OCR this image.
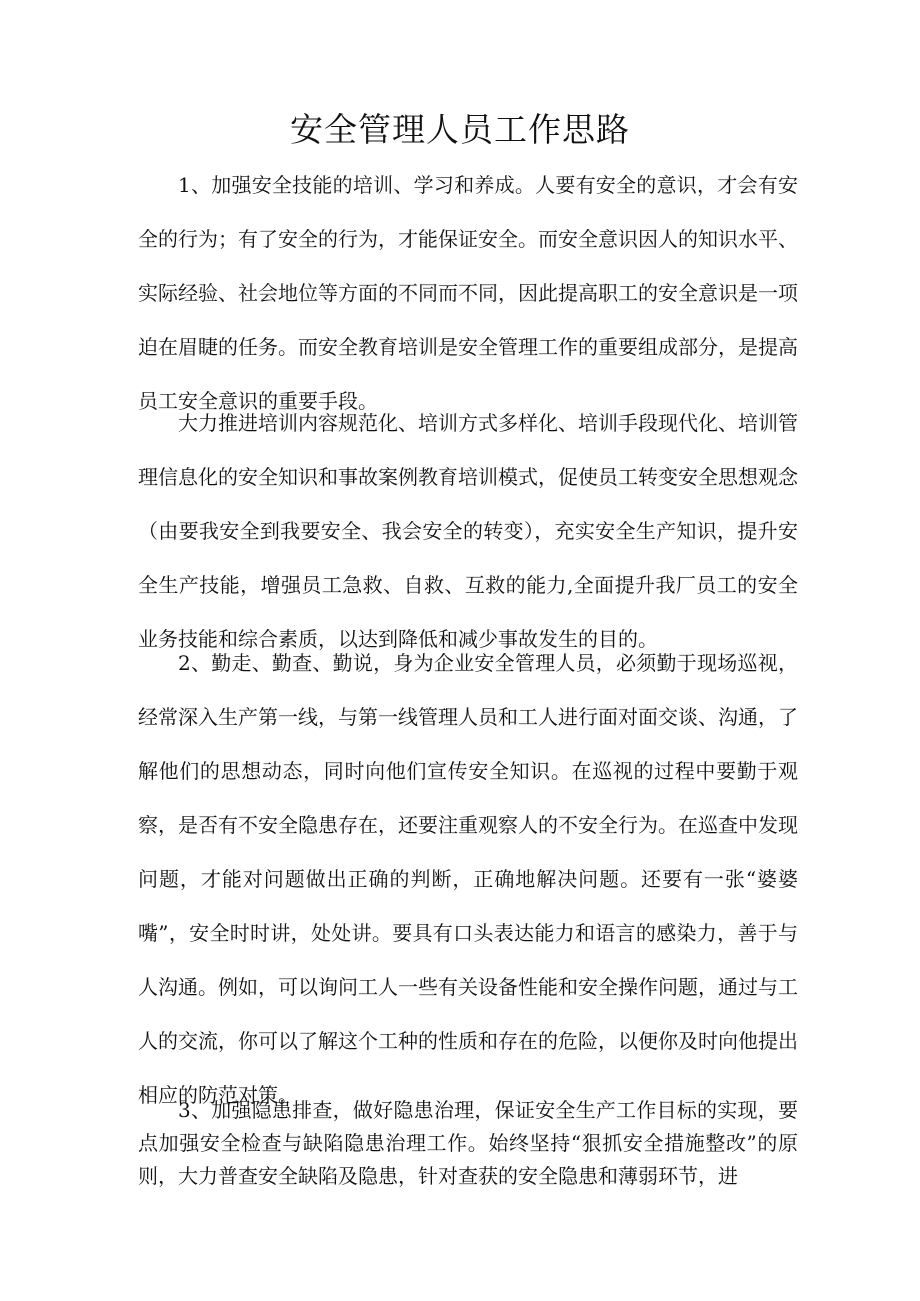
安全管理人员工作思路

1、加强安全技能的培训、学习和养成。人要有安全的意识，才会有安全的行为；有了安全的行为，才能保证安全。而安全意识因人的知识水平、实际经验、社会地位等方面的不同而不同，因此提高职工的安全意识是一项迫在眉睫的任务。而安全教育培训是安全管理工作的重要组成部分，是提高员工安全意识的重要手段。

大力推进培训内容规范化、培训方式多样化、培训手段现代化、培训管理信息化的安全知识和事故案例教育培训模式，促使员工转变安全思想观念（由要我安全到我要安全、我会安全的转变），充实安全生产知识，提升安全生产技能，增强员工急救、自救、互救的能力,全面提升我厂员工的安全业务技能和综合素质，以达到降低和减少事故发生的目的。

2、勤走、勤查、勤说，身为企业安全管理人员，必须勤于现场巡视，经常深入生产第一线，与第一线管理人员和工人进行面对面交谈、沟通，了解他们的思想动态，同时向他们宣传安全知识。在巡视的过程中要勤于观察，是否有不安全隐患存在，还要注重观察人的不安全行为。在巡查中发现问题，才能对问题做出正确的判断，正确地解决问题。还要有一张“婆婆嘴”，安全时时讲，处处讲。要具有口头表达能力和语言的感染力，善于与人沟通。例如，可以询问工人一些有关设备性能和安全操作问题，通过与工人的交流，你可以了解这个工种的性质和存在的危险，以便你及时向他提出相应的防范对策。

3、加强隐患排查，做好隐患治理，保证安全生产工作目标的实现，要点加强安全检查与缺陷隐患治理工作。始终坚持“狠抓安全措施整改”的原则，大力普查安全缺陷及隐患，针对查获的安全隐患和薄弱环节，进
